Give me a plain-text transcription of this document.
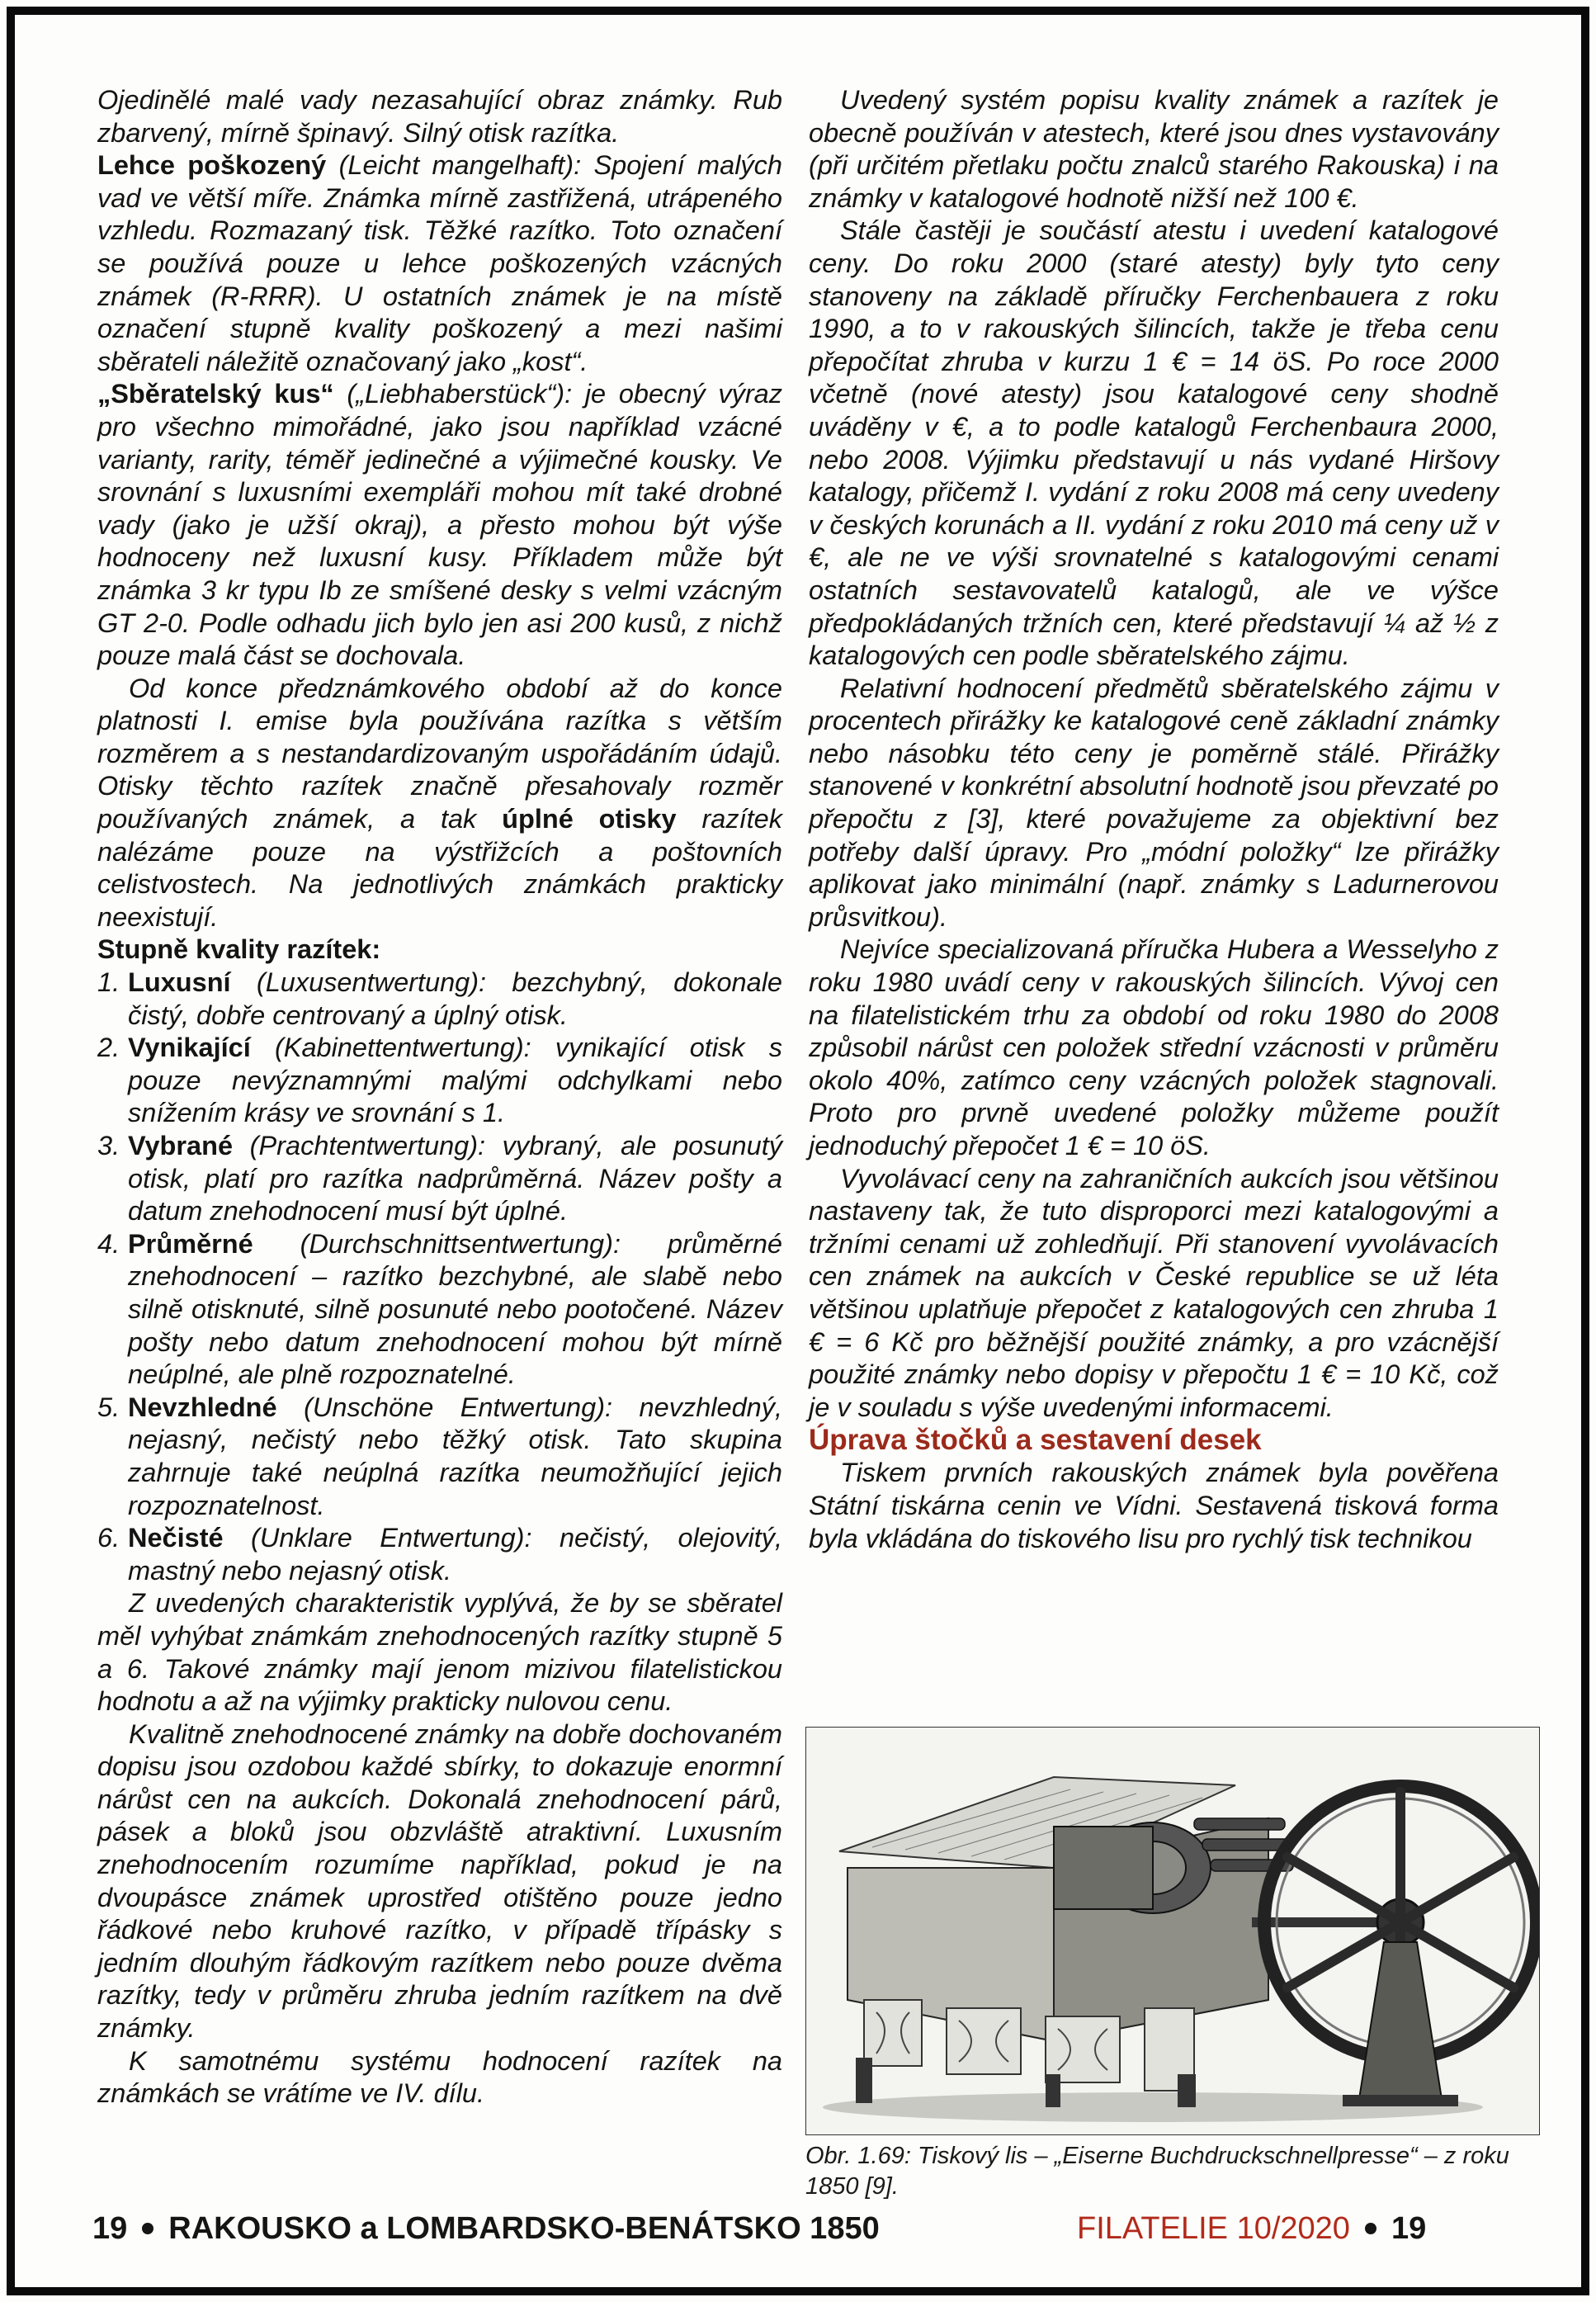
Ojedinělé malé vady nezasahující obraz známky. Rub zbarvený, mírně špinavý. Silný otisk razítka.

Lehce poškozený (Leicht mangelhaft): Spojení malých vad ve větší míře. Známka mírně zastřižená, utrápeného vzhledu. Rozmazaný tisk. Těžké razítko. Toto označení se používá pouze u lehce poškozených vzácných známek (R-RRR). U ostatních známek je na místě označení stupně kvality poškozený a mezi našimi sběrateli náležitě označovaný jako „kost“.

„Sběratelský kus“ („Liebhaberstück“): je obecný výraz pro všechno mimořádné, jako jsou například vzácné varianty, rarity, téměř jedinečné a výjimečné kousky. Ve srovnání s luxusními exempláři mohou mít také drobné vady (jako je užší okraj), a přesto mohou být výše hodnoceny než luxusní kusy. Příkladem může být známka 3 kr typu Ib ze smíšené desky s velmi vzácným GT 2-0. Podle odhadu jich bylo jen asi 200 kusů, z nichž pouze malá část se dochovala.

Od konce předznámkového období až do konce platnosti I. emise byla používána razítka s větším rozměrem a s nestandardizovaným uspořádáním údajů. Otisky těchto razítek značně přesahovaly rozměr používaných známek, a tak úplné otisky razítek nalézáme pouze na výstřižcích a poštovních celistvostech. Na jednotlivých známkách prakticky neexistují.

Stupně kvality razítek:

1. Luxusní (Luxusentwertung): bezchybný, dokonale čistý, dobře centrovaný a úplný otisk.
2. Vynikající (Kabinettentwertung): vynikající otisk s pouze nevýznamnými malými odchylkami nebo snížením krásy ve srovnání s 1.
3. Vybrané (Prachtentwertung): vybraný, ale posunutý otisk, platí pro razítka nadprůměrná. Název pošty a datum znehodnocení musí být úplné.
4. Průměrné (Durchschnittsentwertung): průměrné znehodnocení – razítko bezchybné, ale slabě nebo silně otisknuté, silně posunuté nebo pootočené. Název pošty nebo datum znehodnocení mohou být mírně neúplné, ale plně rozpoznatelné.
5. Nevzhledné (Unschöne Entwertung): nevzhledný, nejasný, nečistý nebo těžký otisk. Tato skupina zahrnuje také neúplná razítka neumožňující jejich rozpoznatelnost.
6. Nečisté (Unklare Entwertung): nečistý, olejovitý, mastný nebo nejasný otisk.

Z uvedených charakteristik vyplývá, že by se sběratel měl vyhýbat známkám znehodnocených razítky stupně 5 a 6. Takové známky mají jenom mizivou filatelistickou hodnotu a až na výjimky prakticky nulovou cenu.

Kvalitně znehodnocené známky na dobře dochovaném dopisu jsou ozdobou každé sbírky, to dokazuje enormní nárůst cen na aukcích. Dokonalá znehodnocení párů, pásek a bloků jsou obzvláště atraktivní. Luxusním znehodnocením rozumíme například, pokud je na dvoupásce známek uprostřed otištěno pouze jedno řádkové nebo kruhové razítko, v případě třípásky s jedním dlouhým řádkovým razítkem nebo pouze dvěma razítky, tedy v průměru zhruba jedním razítkem na dvě známky.

K samotnému systému hodnocení razítek na známkách se vrátíme ve IV. dílu.

Uvedený systém popisu kvality známek a razítek je obecně používán v atestech, které jsou dnes vystavovány (při určitém přetlaku počtu znalců starého Rakouska) i na známky v katalogové hodnotě nižší než 100 €.

Stále častěji je součástí atestu i uvedení katalogové ceny. Do roku 2000 (staré atesty) byly tyto ceny stanoveny na základě příručky Ferchenbauera z roku 1990, a to v rakouských šilincích, takže je třeba cenu přepočítat zhruba v kurzu 1 € = 14 öS. Po roce 2000 včetně (nové atesty) jsou katalogové ceny shodně uváděny v €, a to podle katalogů Ferchenbaura 2000, nebo 2008. Výjimku představují u nás vydané Hiršovy katalogy, přičemž I. vydání z roku 2008 má ceny uvedeny v českých korunách a II. vydání z roku 2010 má ceny už v €, ale ne ve výši srovnatelné s katalogovými cenami ostatních sestavovatelů katalogů, ale ve výšce předpokládaných tržních cen, které představují ¼ až ½ z katalogových cen podle sběratelského zájmu.

Relativní hodnocení předmětů sběratelského zájmu v procentech přirážky ke katalogové ceně základní známky nebo násobku této ceny je poměrně stálé. Přirážky stanovené v konkrétní absolutní hodnotě jsou převzaté po přepočtu z [3], které považujeme za objektivní bez potřeby další úpravy. Pro „módní položky“ lze přirážky aplikovat jako minimální (např. známky s Ladurnerovou průsvitkou).

Nejvíce specializovaná příručka Hubera a Wesselyho z roku 1980 uvádí ceny v rakouských šilincích. Vývoj cen na filatelistickém trhu za období od roku 1980 do 2008 způsobil nárůst cen položek střední vzácnosti v průměru okolo 40%, zatímco ceny vzácných položek stagnovali. Proto pro prvně uvedené položky můžeme použít jednoduchý přepočet 1 € = 10 öS.

Vyvolávací ceny na zahraničních aukcích jsou většinou nastaveny tak, že tuto disproporci mezi katalogovými a tržními cenami už zohledňují. Při stanovení vyvolávacích cen známek na aukcích v České republice se už léta většinou uplatňuje přepočet z katalogových cen zhruba 1 € = 6 Kč pro běžnější použité známky, a pro vzácnější použité známky nebo dopisy v přepočtu 1 € = 10 Kč, což je v souladu s výše uvedenými informacemi.

Úprava štočků a sestavení desek

Tiskem prvních rakouských známek byla pověřena Státní tiskárna cenin ve Vídni. Sestavená tisková forma byla vkládána do tiskového lisu pro rychlý tisk technikou

Obr. 1.69: Tiskový lis – „Eiserne Buchdruckschnellpresse“ – z roku 1850 [9].
19 RAKOUSKO a LOMBARDSKO-BENÁTSKO 1850	FILATELIE 10/2020 19
